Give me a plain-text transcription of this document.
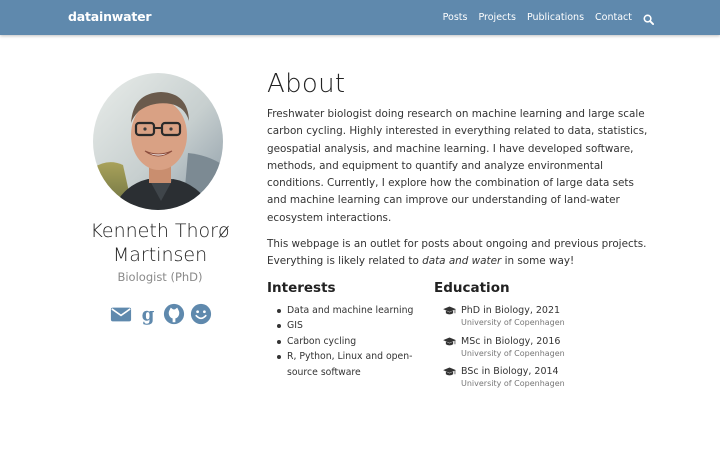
datainwater	Posts Projects Publications Contact
Kenneth Thorø Martinsen
Biologist (PhD)
g
About

Freshwater biologist doing research on machine learning and large scale carbon cycling. Highly interested in everything related to data, statistics, geospatial analysis, and machine learning. I have developed software, methods, and equipment to quantify and analyze environmental conditions. Currently, I explore how the combination of large data sets and machine learning can improve our understanding of land-water ecosystem interactions.

This webpage is an outlet for posts about ongoing and previous projects. Everything is likely related to data and water in some way!

Interests
Data and machine learning
GIS
Carbon cycling
R, Python, Linux and open-source software
Education
PhD in Biology, 2021
University of Copenhagen
MSc in Biology, 2016
University of Copenhagen
BSc in Biology, 2014
University of Copenhagen
